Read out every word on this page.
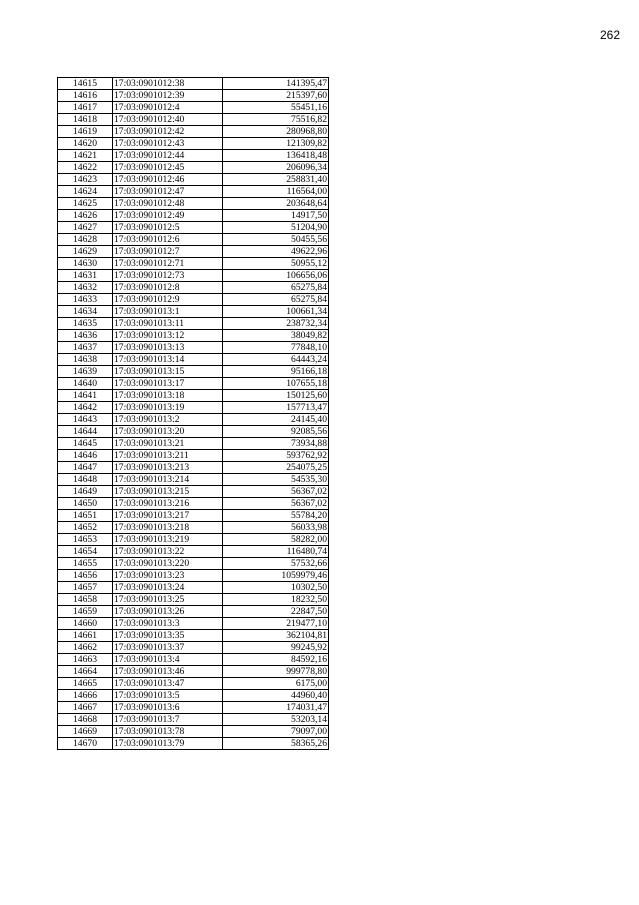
262
14615	17:03:0901012:38	141395,47
14616	17:03:0901012:39	215397,60
14617	17:03:0901012:4	55451,16
14618	17:03:0901012:40	75516,82
14619	17:03:0901012:42	280968,80
14620	17:03:0901012:43	121309,82
14621	17:03:0901012:44	136418,48
14622	17:03:0901012:45	206096,34
14623	17:03:0901012:46	258831,40
14624	17:03:0901012:47	116564,00
14625	17:03:0901012:48	203648,64
14626	17:03:0901012:49	14917,50
14627	17:03:0901012:5	51204,90
14628	17:03:0901012:6	50455,56
14629	17:03:0901012:7	49622,96
14630	17:03:0901012:71	50955,12
14631	17:03:0901012:73	106656,06
14632	17:03:0901012:8	65275,84
14633	17:03:0901012:9	65275,84
14634	17:03:0901013:1	100661,34
14635	17:03:0901013:11	238732,34
14636	17:03:0901013:12	38049,82
14637	17:03:0901013:13	77848,10
14638	17:03:0901013:14	64443,24
14639	17:03:0901013:15	95166,18
14640	17:03:0901013:17	107655,18
14641	17:03:0901013:18	150125,60
14642	17:03:0901013:19	157713,47
14643	17:03:0901013:2	24145,40
14644	17:03:0901013:20	92085,56
14645	17:03:0901013:21	73934,88
14646	17:03:0901013:211	593762,92
14647	17:03:0901013:213	254075,25
14648	17:03:0901013:214	54535,30
14649	17:03:0901013:215	56367,02
14650	17:03:0901013:216	56367,02
14651	17:03:0901013:217	55784,20
14652	17:03:0901013:218	56033,98
14653	17:03:0901013:219	58282,00
14654	17:03:0901013:22	116480,74
14655	17:03:0901013:220	57532,66
14656	17:03:0901013:23	1059979,46
14657	17:03:0901013:24	10302,50
14658	17:03:0901013:25	18232,50
14659	17:03:0901013:26	22847,50
14660	17:03:0901013:3	219477,10
14661	17:03:0901013:35	362104,81
14662	17:03:0901013:37	99245,92
14663	17:03:0901013:4	84592,16
14664	17:03:0901013:46	999778,80
14665	17:03:0901013:47	6175,00
14666	17:03:0901013:5	44960,40
14667	17:03:0901013:6	174031,47
14668	17:03:0901013:7	53203,14
14669	17:03:0901013:78	79097,00
14670	17:03:0901013:79	58365,26
